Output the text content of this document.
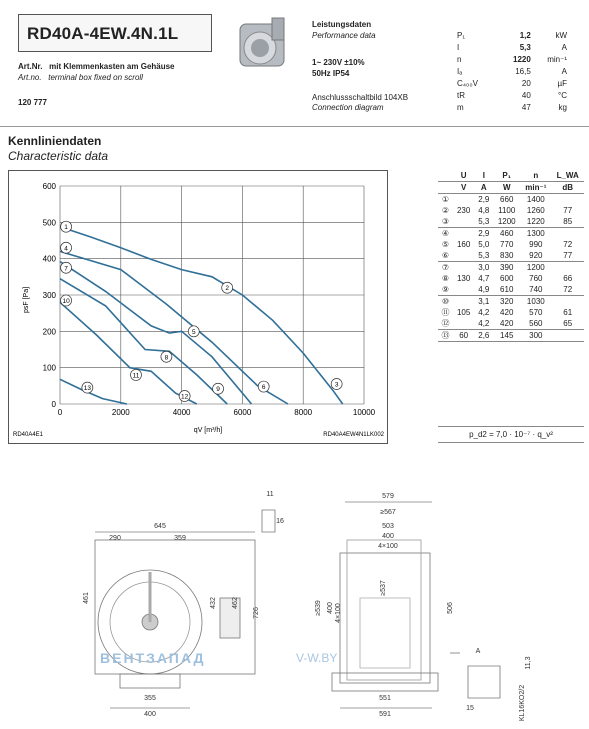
RD40A-4EW.4N.1L
Art.Nr. mit Klemmenkasten am Gehäuse
Art.no. terminal box fixed on scroll
120 777
Leistungsdaten
Performance data
1~ 230V ±10%
50Hz IP54
Anschlussschaltbild 104XB
Connection diagram
P₁	1,2	kW
I	5,3	A
n	1220	min⁻¹
Iₐ	16,5	A
C₄₀₀V	20	µF
tR	40	°C
m	47	kg
Kennliniendaten
Characteristic data
0	2000	4000	6000	8000	10000
0
100
200
300
400
500
600
1
2
3
4
5
6
7
8
9
10
11
12
13
psF [Pa]
qV [m³/h]
RD40A4E1	RD40A4EW4N1LK002
	U	I	P₁	n	L_WA
	V	A	W	min⁻¹	dB
①		2,9	660	1400	
②	230	4,8	1100	1260	77
③		5,3	1200	1220	85
④		2,9	460	1300	
⑤	160	5,0	770	990	72
⑥		5,3	830	920	77
⑦		3,0	390	1200	
⑧	130	4,7	600	760	66
⑨		4,9	610	740	72
⑩		3,1	320	1030	
⑪	105	4,2	420	570	61
⑫		4,2	420	560	65
⑬	60	2,6	145	300	
p_d2 = 7,0 · 10⁻⁷ · q_v²
645
290	359
461	432 462
726
355
400
11
16
579
≥567
503
400
4×100
≥537
≥539 400 4×100	506
551
591
11,3
15
A
KL16KO2/2
ВЕНТЗАПАД	V-W.BY
